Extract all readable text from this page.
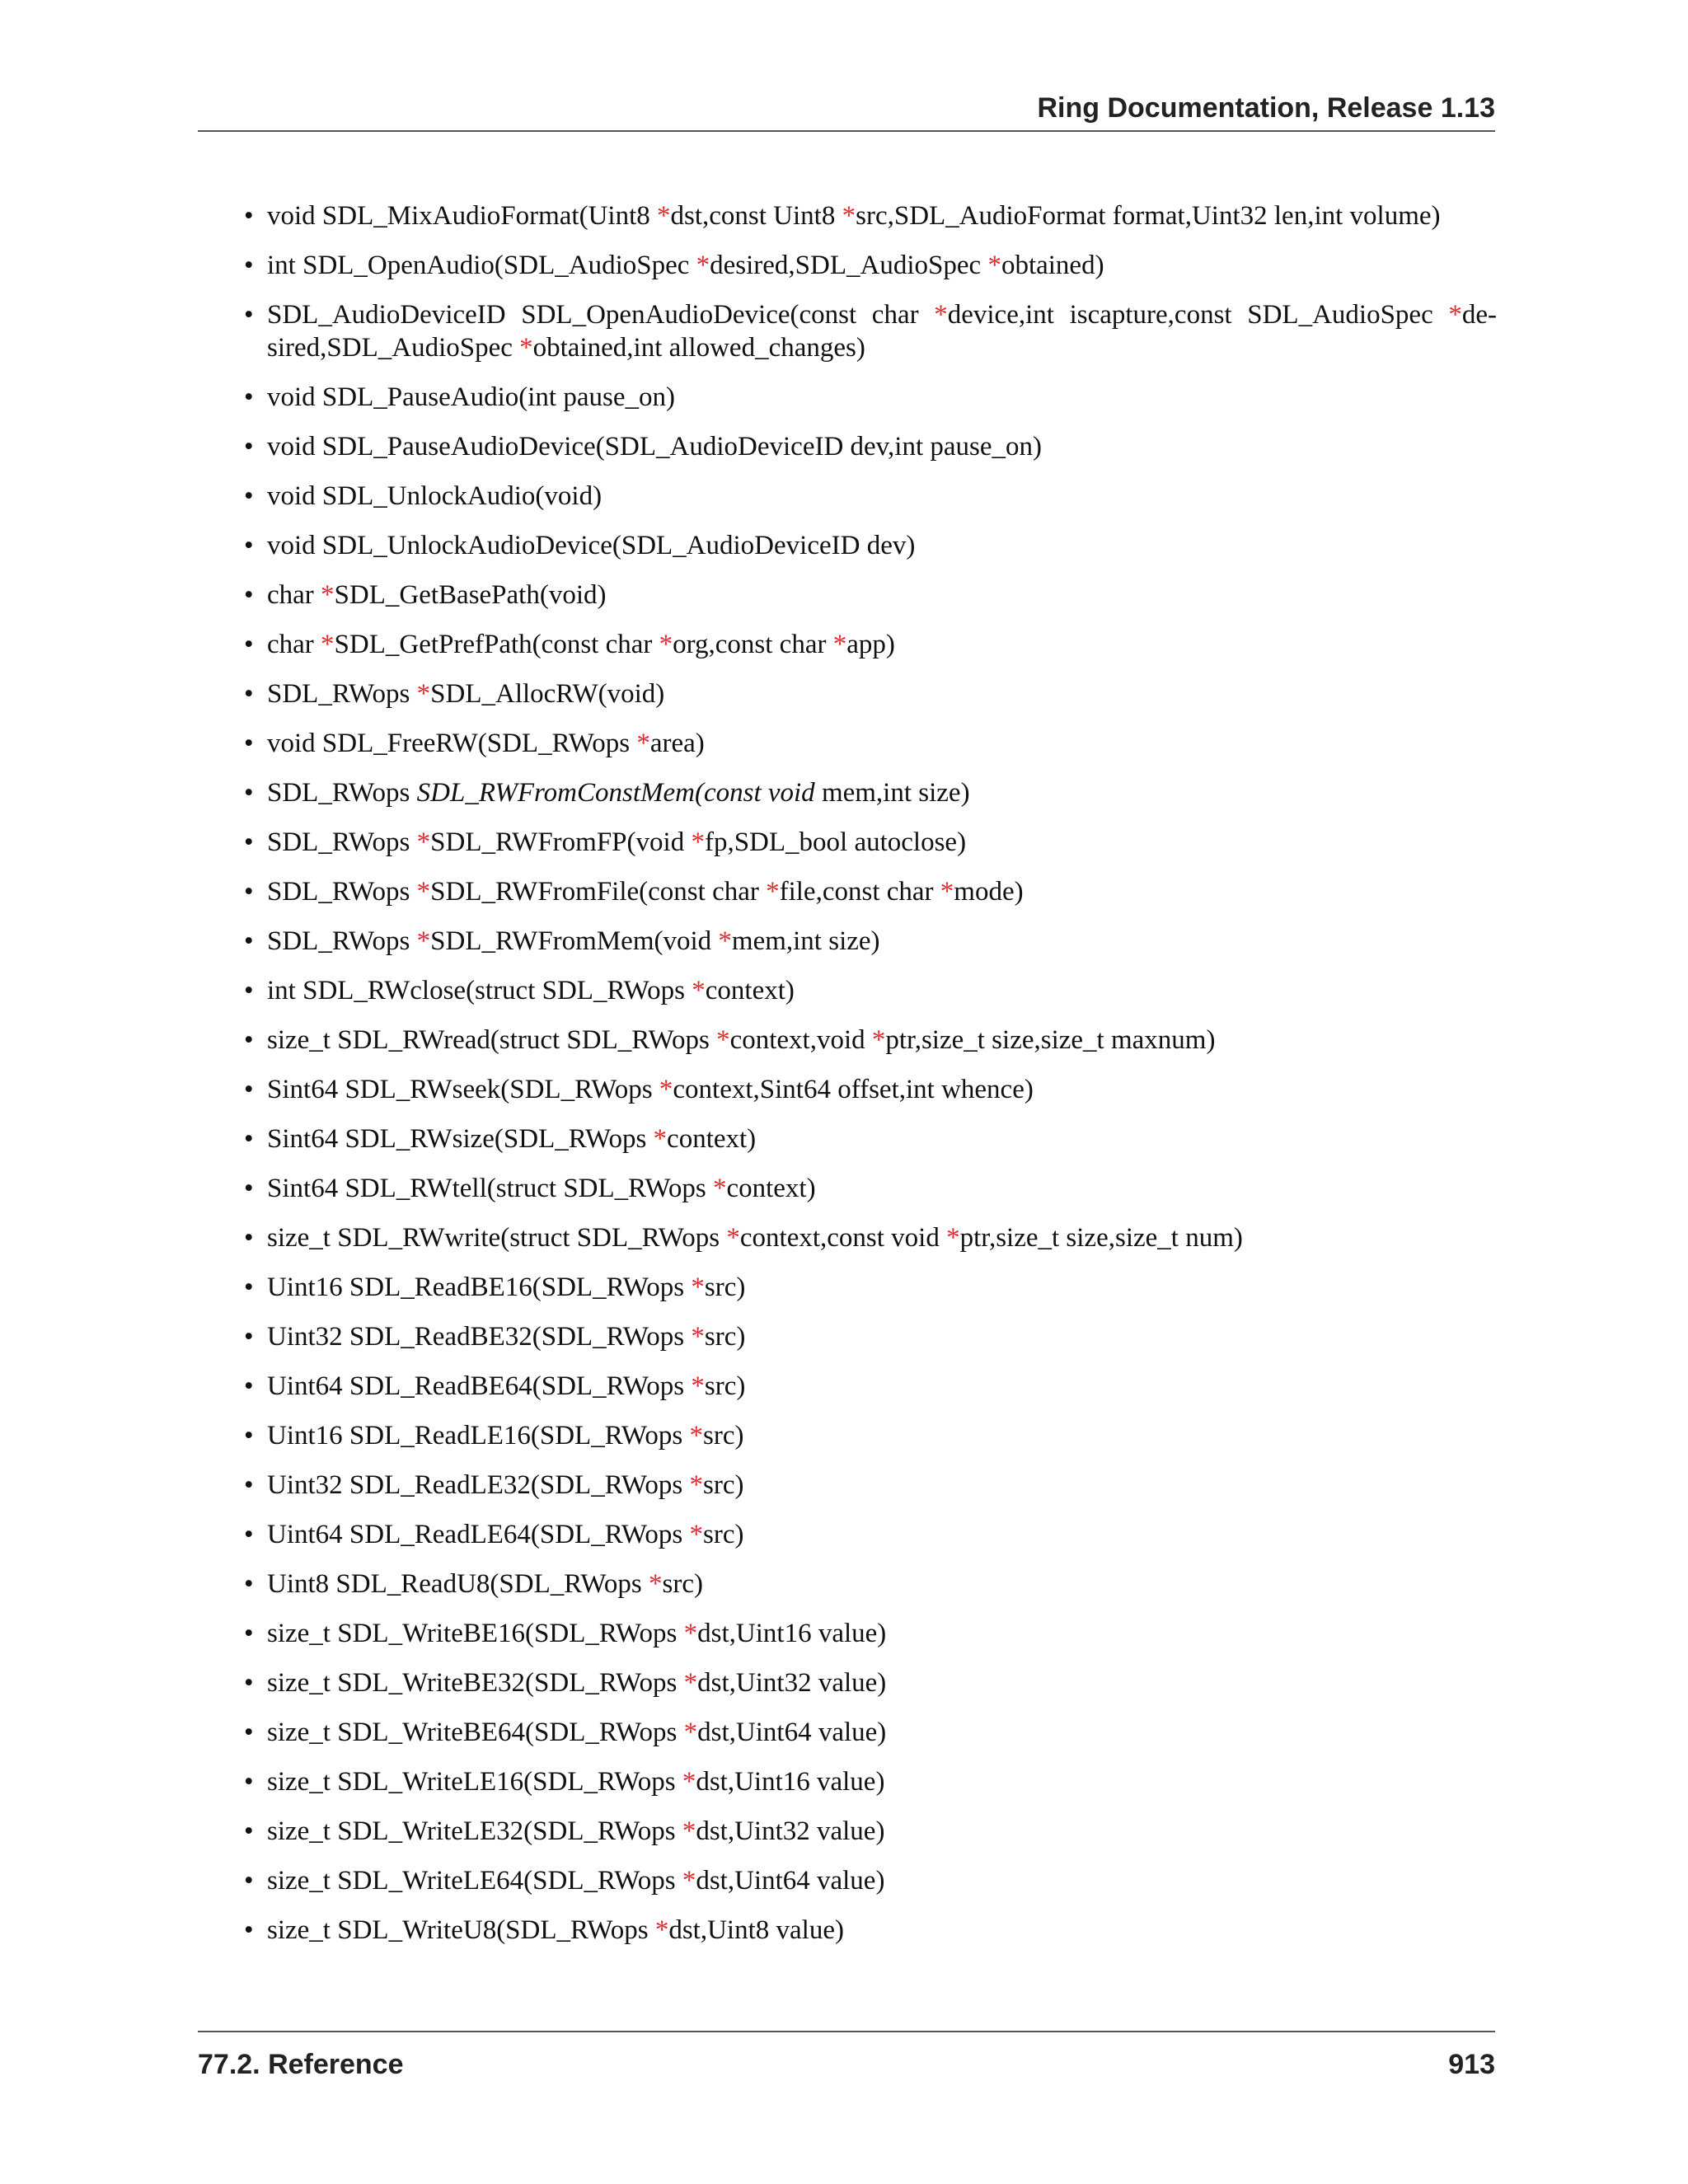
Ring Documentation, Release 1.13
• void SDL_MixAudioFormat(Uint8 *dst,const Uint8 *src,SDL_AudioFormat format,Uint32 len,int volume)
• int SDL_OpenAudio(SDL_AudioSpec *desired,SDL_AudioSpec *obtained)
• SDL_AudioDeviceID SDL_OpenAudioDevice(const char *device,int iscapture,const SDL_AudioSpec *de- sired,SDL_AudioSpec *obtained,int allowed_changes)
• void SDL_PauseAudio(int pause_on)
• void SDL_PauseAudioDevice(SDL_AudioDeviceID dev,int pause_on)
• void SDL_UnlockAudio(void)
• void SDL_UnlockAudioDevice(SDL_AudioDeviceID dev)
• char *SDL_GetBasePath(void)
• char *SDL_GetPrefPath(const char *org,const char *app)
• SDL_RWops *SDL_AllocRW(void)
• void SDL_FreeRW(SDL_RWops *area)
• SDL_RWops SDL_RWFromConstMem(const void mem,int size)
• SDL_RWops *SDL_RWFromFP(void *fp,SDL_bool autoclose)
• SDL_RWops *SDL_RWFromFile(const char *file,const char *mode)
• SDL_RWops *SDL_RWFromMem(void *mem,int size)
• int SDL_RWclose(struct SDL_RWops *context)
• size_t SDL_RWread(struct SDL_RWops *context,void *ptr,size_t size,size_t maxnum)
• Sint64 SDL_RWseek(SDL_RWops *context,Sint64 offset,int whence)
• Sint64 SDL_RWsize(SDL_RWops *context)
• Sint64 SDL_RWtell(struct SDL_RWops *context)
• size_t SDL_RWwrite(struct SDL_RWops *context,const void *ptr,size_t size,size_t num)
• Uint16 SDL_ReadBE16(SDL_RWops *src)
• Uint32 SDL_ReadBE32(SDL_RWops *src)
• Uint64 SDL_ReadBE64(SDL_RWops *src)
• Uint16 SDL_ReadLE16(SDL_RWops *src)
• Uint32 SDL_ReadLE32(SDL_RWops *src)
• Uint64 SDL_ReadLE64(SDL_RWops *src)
• Uint8 SDL_ReadU8(SDL_RWops *src)
• size_t SDL_WriteBE16(SDL_RWops *dst,Uint16 value)
• size_t SDL_WriteBE32(SDL_RWops *dst,Uint32 value)
• size_t SDL_WriteBE64(SDL_RWops *dst,Uint64 value)
• size_t SDL_WriteLE16(SDL_RWops *dst,Uint16 value)
• size_t SDL_WriteLE32(SDL_RWops *dst,Uint32 value)
• size_t SDL_WriteLE64(SDL_RWops *dst,Uint64 value)
• size_t SDL_WriteU8(SDL_RWops *dst,Uint8 value)
77.2. Reference	913
